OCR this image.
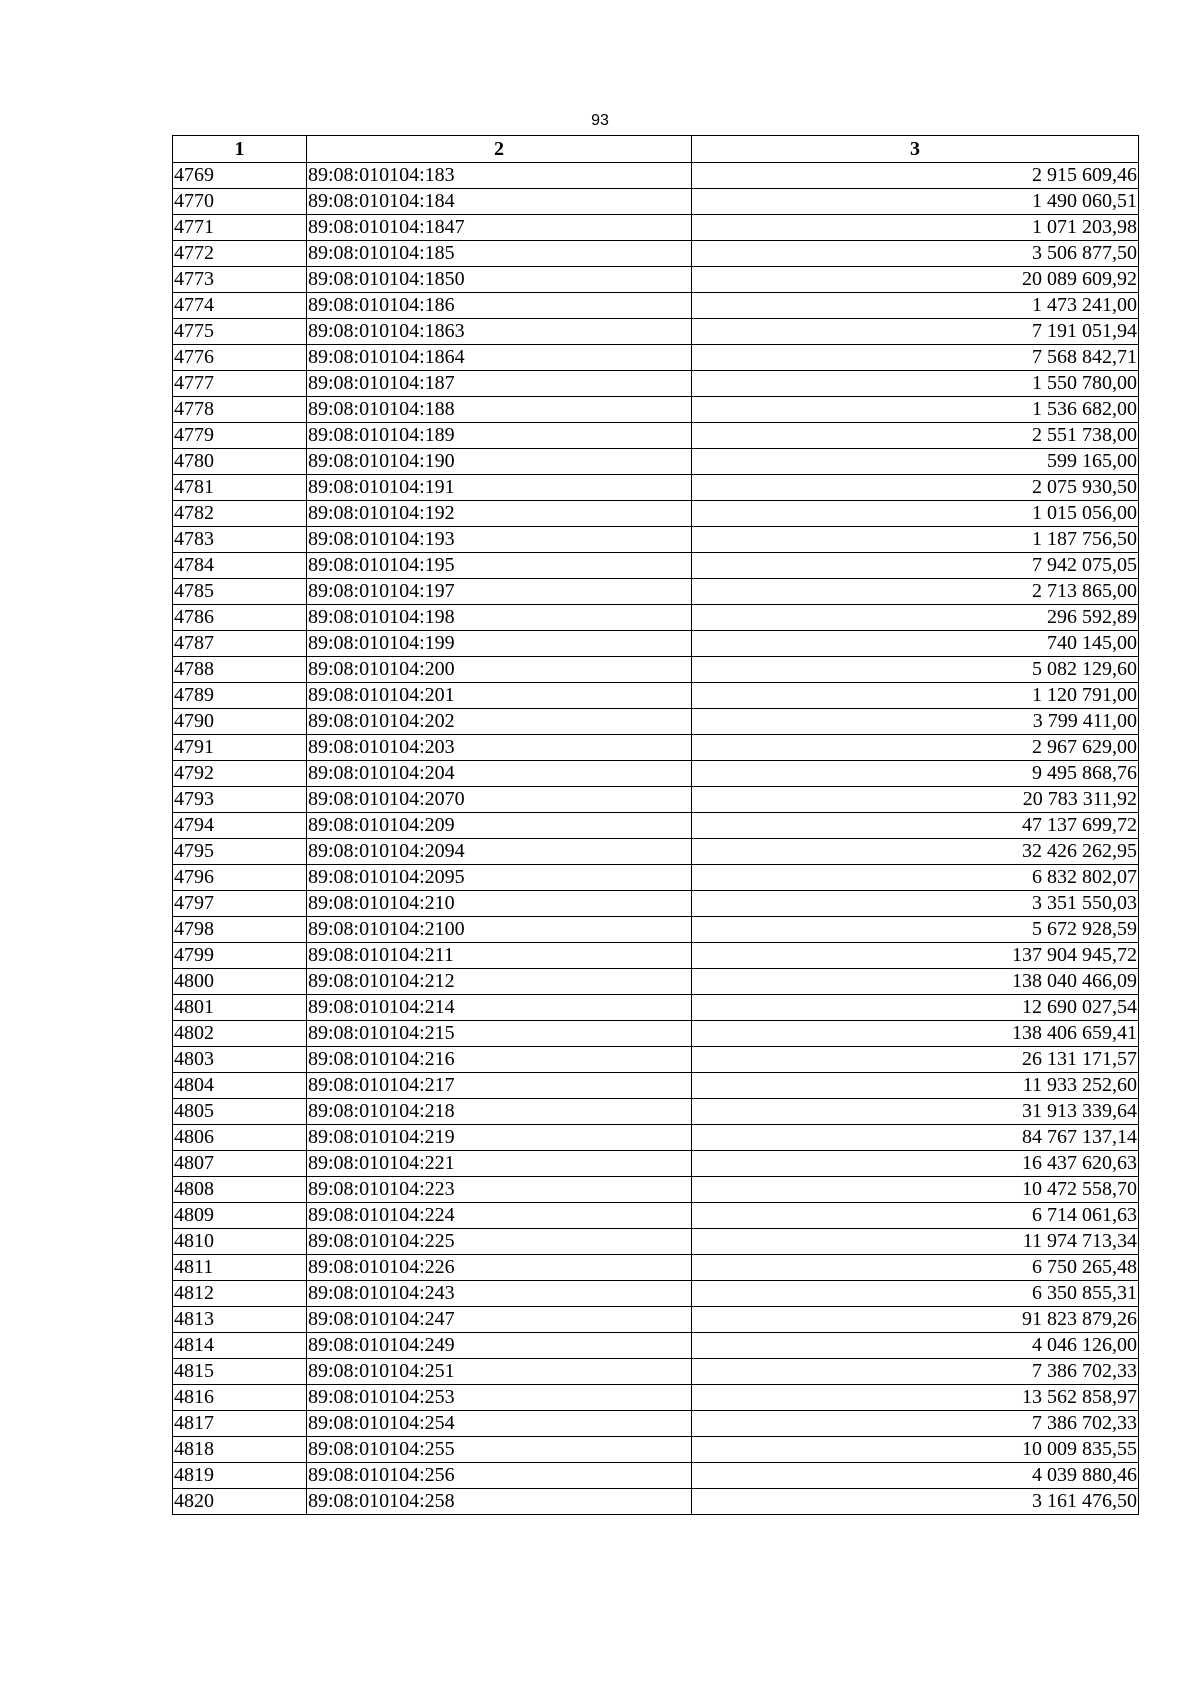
93
1	2	3
4769	89:08:010104:183	2 915 609,46
4770	89:08:010104:184	1 490 060,51
4771	89:08:010104:1847	1 071 203,98
4772	89:08:010104:185	3 506 877,50
4773	89:08:010104:1850	20 089 609,92
4774	89:08:010104:186	1 473 241,00
4775	89:08:010104:1863	7 191 051,94
4776	89:08:010104:1864	7 568 842,71
4777	89:08:010104:187	1 550 780,00
4778	89:08:010104:188	1 536 682,00
4779	89:08:010104:189	2 551 738,00
4780	89:08:010104:190	599 165,00
4781	89:08:010104:191	2 075 930,50
4782	89:08:010104:192	1 015 056,00
4783	89:08:010104:193	1 187 756,50
4784	89:08:010104:195	7 942 075,05
4785	89:08:010104:197	2 713 865,00
4786	89:08:010104:198	296 592,89
4787	89:08:010104:199	740 145,00
4788	89:08:010104:200	5 082 129,60
4789	89:08:010104:201	1 120 791,00
4790	89:08:010104:202	3 799 411,00
4791	89:08:010104:203	2 967 629,00
4792	89:08:010104:204	9 495 868,76
4793	89:08:010104:2070	20 783 311,92
4794	89:08:010104:209	47 137 699,72
4795	89:08:010104:2094	32 426 262,95
4796	89:08:010104:2095	6 832 802,07
4797	89:08:010104:210	3 351 550,03
4798	89:08:010104:2100	5 672 928,59
4799	89:08:010104:211	137 904 945,72
4800	89:08:010104:212	138 040 466,09
4801	89:08:010104:214	12 690 027,54
4802	89:08:010104:215	138 406 659,41
4803	89:08:010104:216	26 131 171,57
4804	89:08:010104:217	11 933 252,60
4805	89:08:010104:218	31 913 339,64
4806	89:08:010104:219	84 767 137,14
4807	89:08:010104:221	16 437 620,63
4808	89:08:010104:223	10 472 558,70
4809	89:08:010104:224	6 714 061,63
4810	89:08:010104:225	11 974 713,34
4811	89:08:010104:226	6 750 265,48
4812	89:08:010104:243	6 350 855,31
4813	89:08:010104:247	91 823 879,26
4814	89:08:010104:249	4 046 126,00
4815	89:08:010104:251	7 386 702,33
4816	89:08:010104:253	13 562 858,97
4817	89:08:010104:254	7 386 702,33
4818	89:08:010104:255	10 009 835,55
4819	89:08:010104:256	4 039 880,46
4820	89:08:010104:258	3 161 476,50
